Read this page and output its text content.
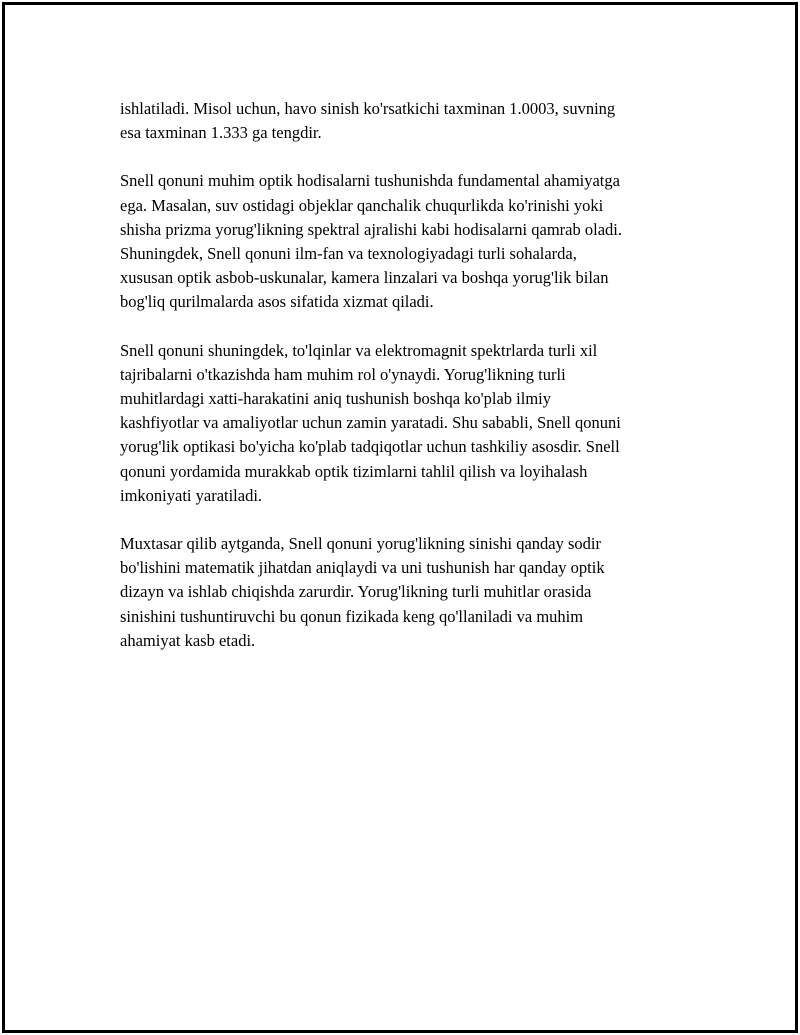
ishlatiladi. Misol uchun, havo sinish ko'rsatkichi taxminan 1.0003, suvning
esa taxminan 1.333 ga tengdir.

Snell qonuni muhim optik hodisalarni tushunishda fundamental ahamiyatga
ega. Masalan, suv ostidagi objeklar qanchalik chuqurlikda ko'rinishi yoki
shisha prizma yorug'likning spektral ajralishi kabi hodisalarni qamrab oladi.
Shuningdek, Snell qonuni ilm-fan va texnologiyadagi turli sohalarda,
xususan optik asbob-uskunalar, kamera linzalari va boshqa yorug'lik bilan
bog'liq qurilmalarda asos sifatida xizmat qiladi.

Snell qonuni shuningdek, to'lqinlar va elektromagnit spektrlarda turli xil
tajribalarni o'tkazishda ham muhim rol o'ynaydi. Yorug'likning turli
muhitlardagi xatti-harakatini aniq tushunish boshqa ko'plab ilmiy
kashfiyotlar va amaliyotlar uchun zamin yaratadi. Shu sababli, Snell qonuni
yorug'lik optikasi bo'yicha ko'plab tadqiqotlar uchun tashkiliy asosdir. Snell
qonuni yordamida murakkab optik tizimlarni tahlil qilish va loyihalash
imkoniyati yaratiladi.

Muxtasar qilib aytganda, Snell qonuni yorug'likning sinishi qanday sodir
bo'lishini matematik jihatdan aniqlaydi va uni tushunish har qanday optik
dizayn va ishlab chiqishda zarurdir. Yorug'likning turli muhitlar orasida
sinishini tushuntiruvchi bu qonun fizikada keng qo'llaniladi va muhim
ahamiyat kasb etadi.
